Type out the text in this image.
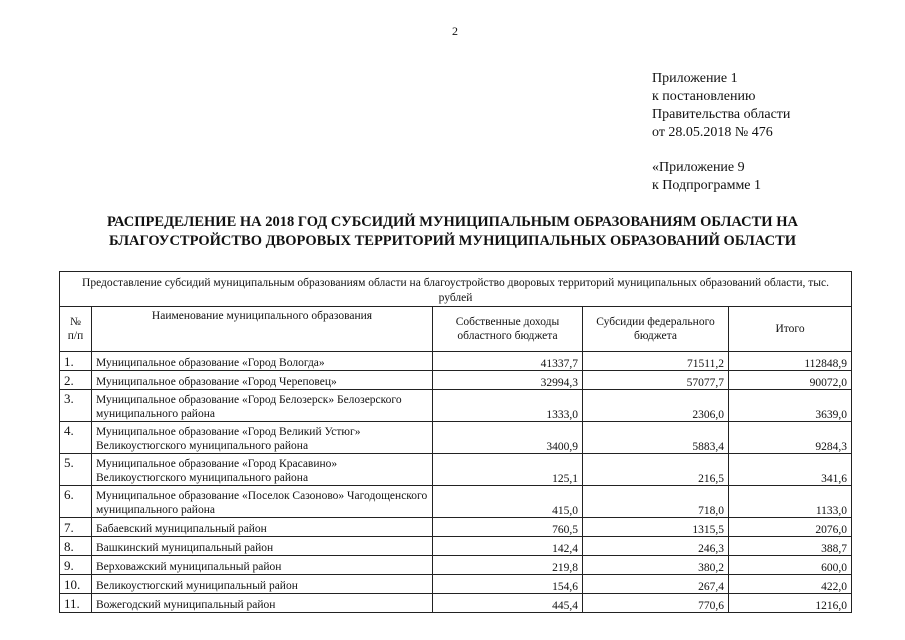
2
Приложение 1
к постановлению
Правительства области
от 28.05.2018 № 476
«Приложение 9
к Подпрограмме 1
РАСПРЕДЕЛЕНИЕ НА 2018 ГОД СУБСИДИЙ МУНИЦИПАЛЬНЫМ ОБРАЗОВАНИЯМ ОБЛАСТИ НА
БЛАГОУСТРОЙСТВО ДВОРОВЫХ ТЕРРИТОРИЙ МУНИЦИПАЛЬНЫХ ОБРАЗОВАНИЙ ОБЛАСТИ
Предоставление субсидий муниципальным образованиям области на благоустройство дворовых территорий муниципальных образований области, тыс. рублей				
№ п/п	Наименование муниципального образования	Собственные доходы областного бюджета	Субсидии федерального бюджета	Итого
1.	Муниципальное образование «Город Вологда»	41337,7	71511,2	112848,9
2.	Муниципальное образование «Город Череповец»	32994,3	57077,7	90072,0
3.	Муниципальное образование «Город Белозерск» Белозерского муниципального района	1333,0	2306,0	3639,0
4.	Муниципальное образование «Город Великий Устюг» Великоустюгского муниципального района	3400,9	5883,4	9284,3
5.	Муниципальное образование «Город Красавино» Великоустюгского муниципального района	125,1	216,5	341,6
6.	Муниципальное образование «Поселок Сазоново» Чагодощенского муниципального района	415,0	718,0	1133,0
7.	Бабаевский муниципальный район	760,5	1315,5	2076,0
8.	Вашкинский муниципальный район	142,4	246,3	388,7
9.	Верховажский муниципальный район	219,8	380,2	600,0
10.	Великоустюгский муниципальный район	154,6	267,4	422,0
11.	Вожегодский муниципальный район	445,4	770,6	1216,0
